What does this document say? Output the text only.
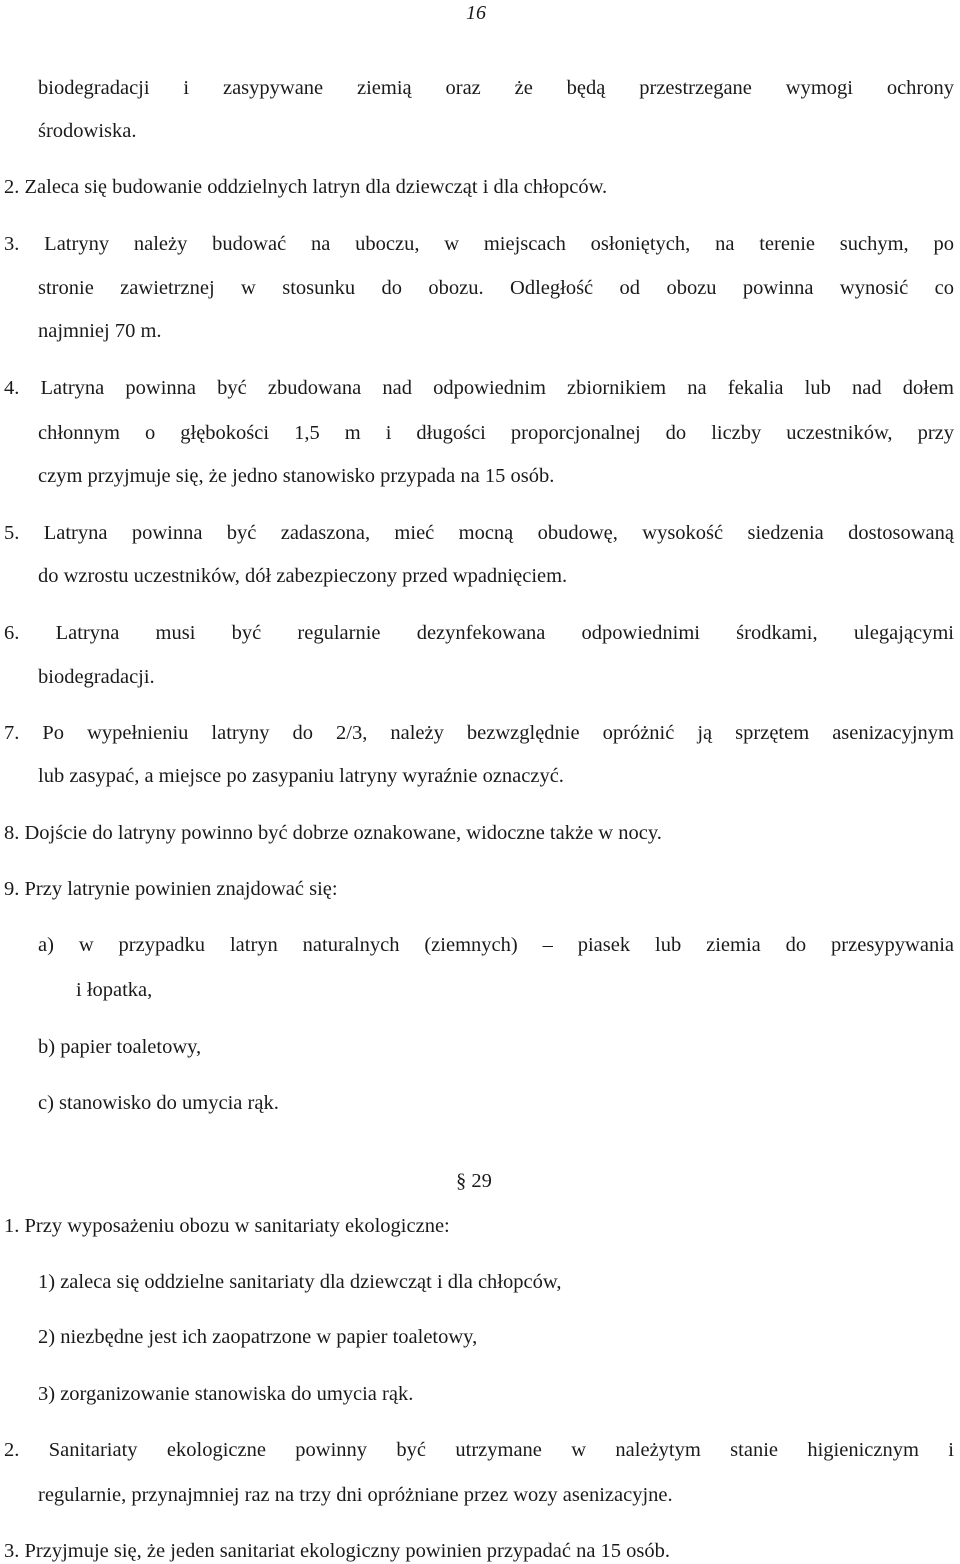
16
biodegradacji i zasypywane ziemią oraz że będą przestrzegane wymogi ochrony
środowiska.
2. Zaleca się budowanie oddzielnych latryn dla dziewcząt i dla chłopców.
3. Latryny należy budować na uboczu, w miejscach osłoniętych, na terenie suchym, po
stronie zawietrznej w stosunku do obozu. Odległość od obozu powinna wynosić co
najmniej 70 m.
4. Latryna powinna być zbudowana nad odpowiednim zbiornikiem na fekalia lub nad dołem
chłonnym o głębokości 1,5 m i długości proporcjonalnej do liczby uczestników, przy
czym przyjmuje się, że jedno stanowisko przypada na 15 osób.
5. Latryna powinna być zadaszona, mieć mocną obudowę, wysokość siedzenia dostosowaną
do wzrostu uczestników, dół zabezpieczony przed wpadnięciem.
6. Latryna musi być regularnie dezynfekowana odpowiednimi środkami, ulegającymi
biodegradacji.
7. Po wypełnieniu latryny do 2/3, należy bezwzględnie opróżnić ją sprzętem asenizacyjnym
lub zasypać, a miejsce po zasypaniu latryny wyraźnie oznaczyć.
8. Dojście do latryny powinno być dobrze oznakowane, widoczne także w nocy.
9. Przy latrynie powinien znajdować się:
a) w przypadku latryn naturalnych (ziemnych) – piasek lub ziemia do przesypywania
i łopatka,
b) papier toaletowy,
c) stanowisko do umycia rąk.
§ 29
1. Przy wyposażeniu obozu w sanitariaty ekologiczne:
1) zaleca się oddzielne sanitariaty dla dziewcząt i dla chłopców,
2) niezbędne jest ich zaopatrzone w papier toaletowy,
3) zorganizowanie stanowiska do umycia rąk.
2. Sanitariaty ekologiczne powinny być utrzymane w należytym stanie higienicznym i
regularnie, przynajmniej raz na trzy dni opróżniane przez wozy asenizacyjne.
3. Przyjmuje się, że jeden sanitariat ekologiczny powinien przypadać na 15 osób.
